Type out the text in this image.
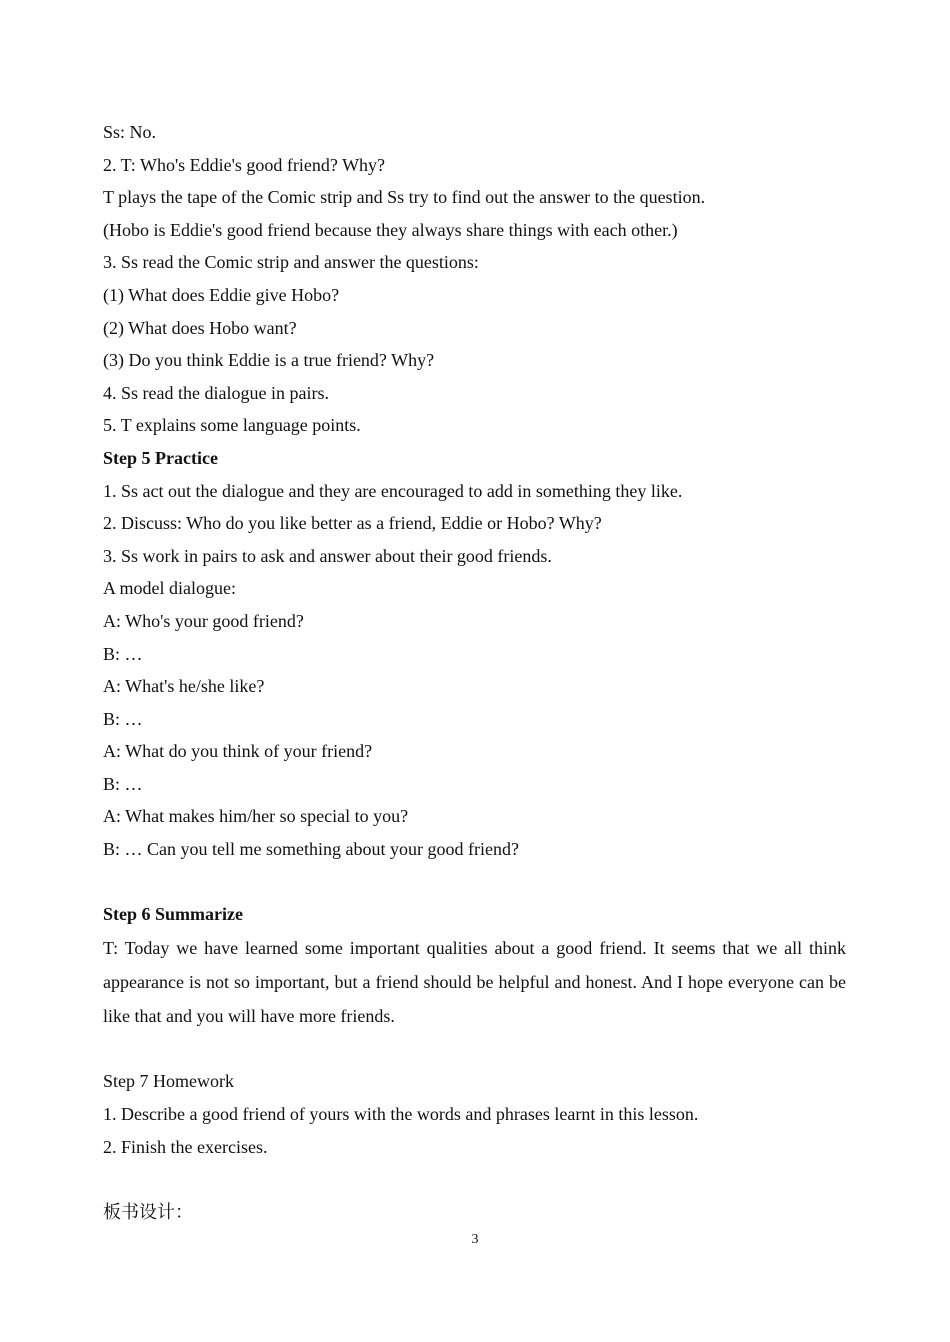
Ss: No.
2. T: Who's Eddie's good friend? Why?
T plays the tape of the Comic strip and Ss try to find out the answer to the question.
(Hobo is Eddie's good friend because they always share things with each other.)
3. Ss read the Comic strip and answer the questions:
(1) What does Eddie give Hobo?
(2) What does Hobo want?
(3) Do you think Eddie is a true friend? Why?
4. Ss read the dialogue in pairs.
5. T explains some language points.
Step 5 Practice
1. Ss act out the dialogue and they are encouraged to add in something they like.
2. Discuss: Who do you like better as a friend, Eddie or Hobo? Why?
3. Ss work in pairs to ask and answer about their good friends.
A model dialogue:
A: Who's your good friend?
B: …
A: What's he/she like?
B: …
A: What do you think of your friend?
B: …
A: What makes him/her so special to you?
B: … Can you tell me something about your good friend?
Step 6 Summarize

T: Today we have learned some important qualities about a good friend. It seems that we all think appearance is not so important, but a friend should be helpful and honest. And I hope everyone can be like that and you will have more friends.

Step 7 Homework
1. Describe a good friend of yours with the words and phrases learnt in this lesson.
2. Finish the exercises.
板书设计：
3
